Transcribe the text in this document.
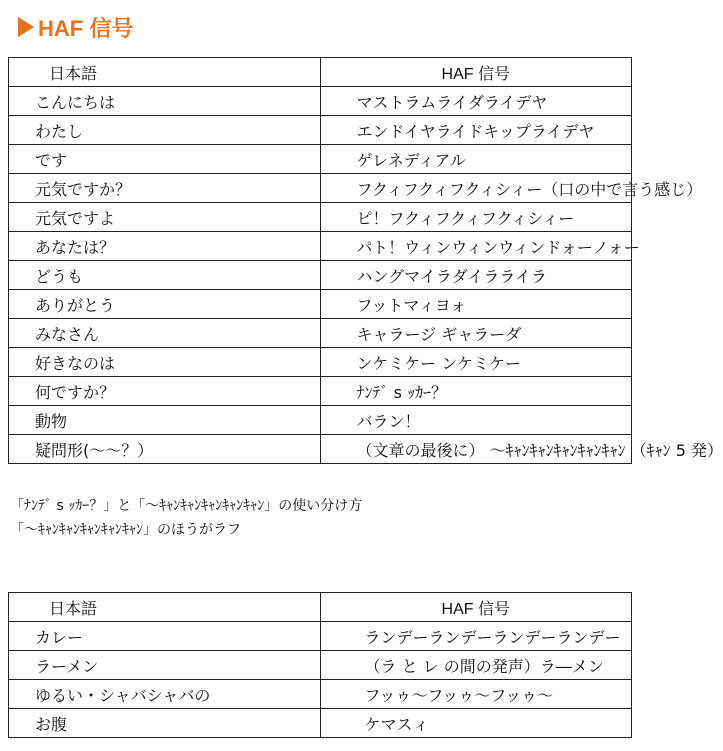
HAF 信号
日本語	HAF 信号
こんにちは	マストラムライダライデヤ
わたし	エンドイヤライドキップライデヤ
です	ゲレネディアル
元気ですか？	フクィフクィフクィシィー（口の中で言う感じ）
元気ですよ	ピ！フクィフクィフクィシィー
あなたは？	パト！ウィンウィンウィンドォーノォー
どうも	ハングマイラダイラライラ
ありがとう	フットマィヨォ
みなさん	キャラージ ギャラーダ
好きなのは	ンケミケー ンケミケー
何ですか？	ﾅﾝﾃﾞ s ｯｶｰ？
動物	バラン！
疑問形(～～？）	（文章の最後に） ～ｷｬﾝｷｬﾝｷｬﾝｷｬﾝｷｬﾝ （ｷｬﾝ 5 発）
「ﾅﾝﾃﾞ s ｯｶｰ？」と「～ｷｬﾝｷｬﾝｷｬﾝｷｬﾝｷｬﾝ」の使い分け方
「～ｷｬﾝｷｬﾝｷｬﾝｷｬﾝｷｬﾝ」のほうがラフ
日本語	HAF 信号
カレー	ランデーランデーランデーランデー
ラーメン	（ラ と レ の間の発声）ラ―メン
ゆるい・シャバシャバの	フッゥ～フッゥ～フッゥ～
お腹	ケマスィ
